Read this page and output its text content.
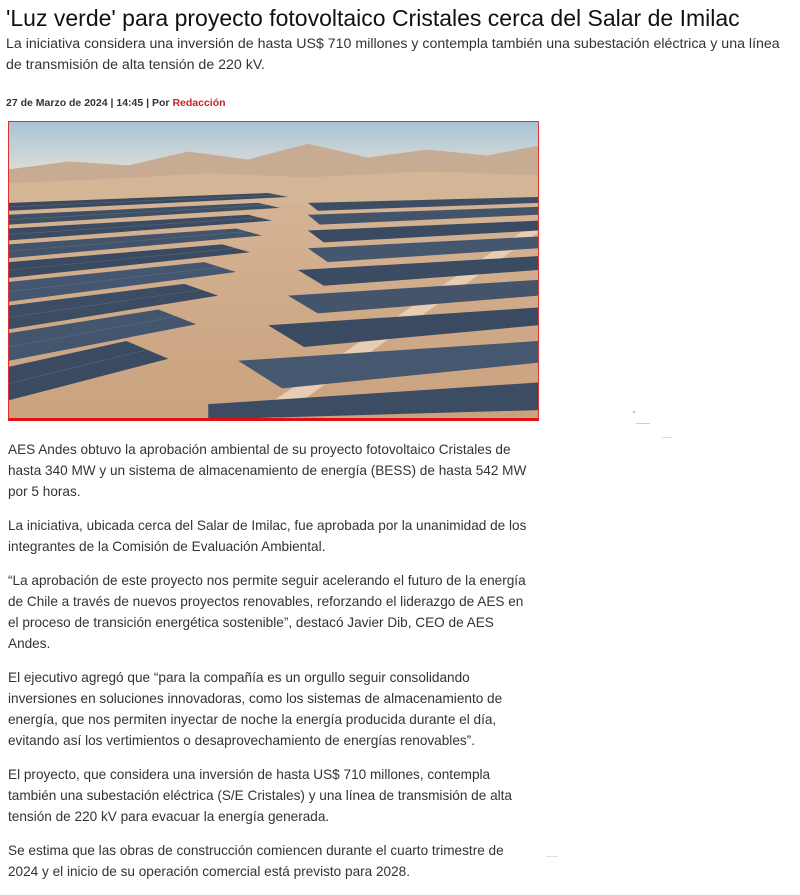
'Luz verde' para proyecto fotovoltaico Cristales cerca del Salar de Imilac

La iniciativa considera una inversión de hasta US$ 710 millones y contempla también una subestación eléctrica y una línea de transmisión de alta tensión de 220 kV.

27 de Marzo de 2024 | 14:45 | Por Redacción

AES Andes obtuvo la aprobación ambiental de su proyecto fotovoltaico Cristales de hasta 340 MW y un sistema de almacenamiento de energía (BESS) de hasta 542 MW por 5 horas.

La iniciativa, ubicada cerca del Salar de Imilac, fue aprobada por la unanimidad de los integrantes de la Comisión de Evaluación Ambiental.

“La aprobación de este proyecto nos permite seguir acelerando el futuro de la energía de Chile a través de nuevos proyectos renovables, reforzando el liderazgo de AES en el proceso de transición energética sostenible”, destacó Javier Dib, CEO de AES Andes.

El ejecutivo agregó que “para la compañía es un orgullo seguir consolidando inversiones en soluciones innovadoras, como los sistemas de almacenamiento de energía, que nos permiten inyectar de noche la energía producida durante el día, evitando así los vertimientos o desaprovechamiento de energías renovables”.

El proyecto, que considera una inversión de hasta US$ 710 millones, contempla también una subestación eléctrica (S/E Cristales) y una línea de transmisión de alta tensión de 220 kV para evacuar la energía generada.

Se estima que las obras de construcción comiencen durante el cuarto trimestre de 2024 y el inicio de su operación comercial está previsto para 2028.
